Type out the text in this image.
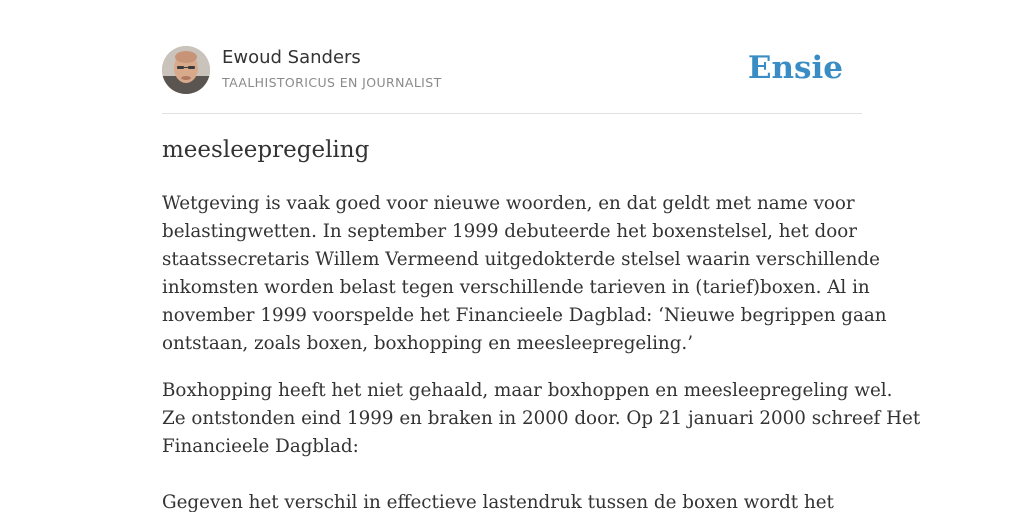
Ewoud Sanders
TAALHISTORICUS EN JOURNALIST	Ensie
meesleepregeling
Wetgeving is vaak goed voor nieuwe woorden, en dat geldt met name voor
belastingwetten. In september 1999 debuteerde het boxenstelsel, het door
staatssecretaris Willem Vermeend uitgedokterde stelsel waarin verschillende
inkomsten worden belast tegen verschillende tarieven in (tarief)boxen. Al in
november 1999 voorspelde het Financieele Dagblad: ‘Nieuwe begrippen gaan
ontstaan, zoals boxen, boxhopping en meesleepregeling.’
Boxhopping heeft het niet gehaald, maar boxhoppen en meesleepregeling wel.
Ze ontstonden eind 1999 en braken in 2000 door. Op 21 januari 2000 schreef Het
Financieele Dagblad:
Gegeven het verschil in effectieve lastendruk tussen de boxen wordt het
